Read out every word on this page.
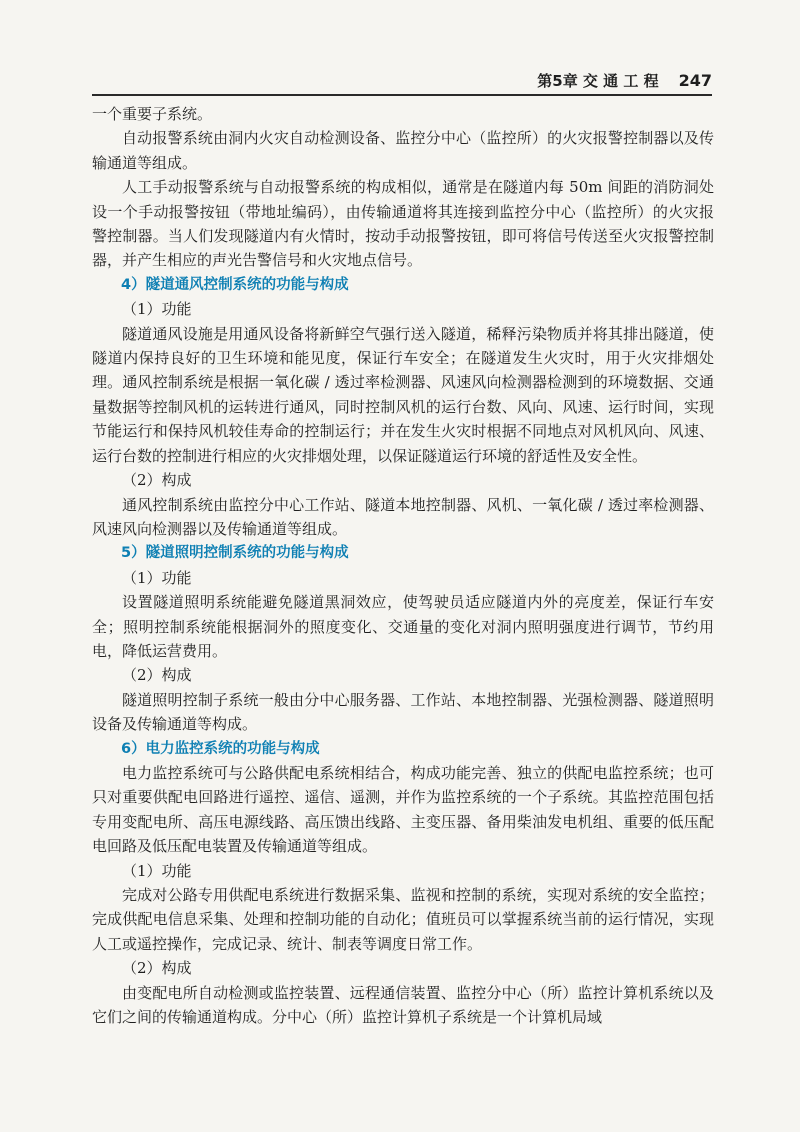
第5章 交 通 工 程 247

一个重要子系统。

自动报警系统由洞内火灾自动检测设备、监控分中心（监控所）的火灾报警控制器以及传输通道等组成。

人工手动报警系统与自动报警系统的构成相似，通常是在隧道内每 50m 间距的消防洞处设一个手动报警按钮（带地址编码），由传输通道将其连接到监控分中心（监控所）的火灾报警控制器。当人们发现隧道内有火情时，按动手动报警按钮，即可将信号传送至火灾报警控制器，并产生相应的声光告警信号和火灾地点信号。

4）隧道通风控制系统的功能与构成

（1）功能

隧道通风设施是用通风设备将新鲜空气强行送入隧道，稀释污染物质并将其排出隧道，使隧道内保持良好的卫生环境和能见度，保证行车安全；在隧道发生火灾时，用于火灾排烟处理。通风控制系统是根据一氧化碳 / 透过率检测器、风速风向检测器检测到的环境数据、交通量数据等控制风机的运转进行通风，同时控制风机的运行台数、风向、风速、运行时间，实现节能运行和保持风机较佳寿命的控制运行；并在发生火灾时根据不同地点对风机风向、风速、运行台数的控制进行相应的火灾排烟处理，以保证隧道运行环境的舒适性及安全性。

（2）构成

通风控制系统由监控分中心工作站、隧道本地控制器、风机、一氧化碳 / 透过率检测器、风速风向检测器以及传输通道等组成。

5）隧道照明控制系统的功能与构成

（1）功能

设置隧道照明系统能避免隧道黑洞效应，使驾驶员适应隧道内外的亮度差，保证行车安全；照明控制系统能根据洞外的照度变化、交通量的变化对洞内照明强度进行调节，节约用电，降低运营费用。

（2）构成

隧道照明控制子系统一般由分中心服务器、工作站、本地控制器、光强检测器、隧道照明设备及传输通道等构成。

6）电力监控系统的功能与构成

电力监控系统可与公路供配电系统相结合，构成功能完善、独立的供配电监控系统；也可只对重要供配电回路进行遥控、遥信、遥测，并作为监控系统的一个子系统。其监控范围包括专用变配电所、高压电源线路、高压馈出线路、主变压器、备用柴油发电机组、重要的低压配电回路及低压配电装置及传输通道等组成。

（1）功能

完成对公路专用供配电系统进行数据采集、监视和控制的系统，实现对系统的安全监控；完成供配电信息采集、处理和控制功能的自动化；值班员可以掌握系统当前的运行情况，实现人工或遥控操作，完成记录、统计、制表等调度日常工作。

（2）构成

由变配电所自动检测或监控装置、远程通信装置、监控分中心（所）监控计算机系统以及它们之间的传输通道构成。分中心（所）监控计算机子系统是一个计算机局域
